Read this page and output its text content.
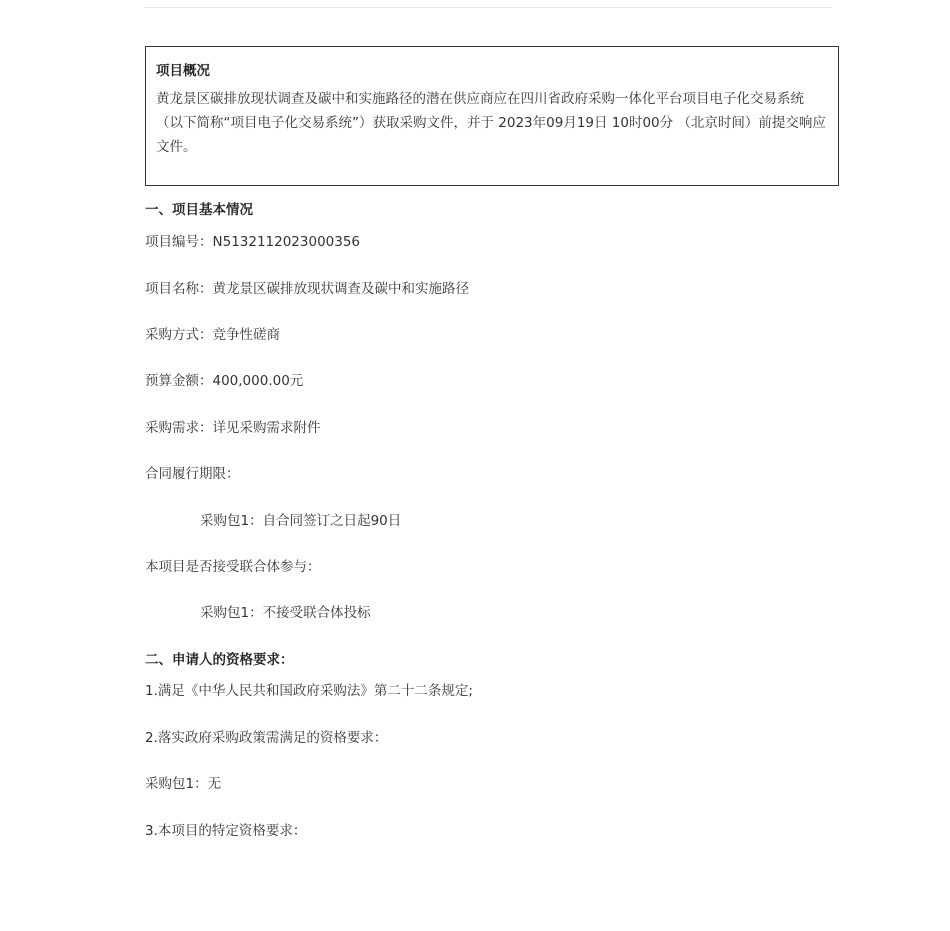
项目概况
黄龙景区碳排放现状调查及碳中和实施路径的潜在供应商应在四川省政府采购一体化平台项目电子化交易系统（以下简称“项目电子化交易系统”）获取采购文件，并于 2023年09月19日 10时00分 （北京时间）前提交响应文件。
一、项目基本情况
项目编号：N5132112023000356
项目名称：黄龙景区碳排放现状调查及碳中和实施路径
采购方式：竞争性磋商
预算金额：400,000.00元
采购需求：详见采购需求附件
合同履行期限：
采购包1：自合同签订之日起90日
本项目是否接受联合体参与：
采购包1：不接受联合体投标
二、申请人的资格要求：
1.满足《中华人民共和国政府采购法》第二十二条规定;
2.落实政府采购政策需满足的资格要求：
采购包1：无
3.本项目的特定资格要求：
